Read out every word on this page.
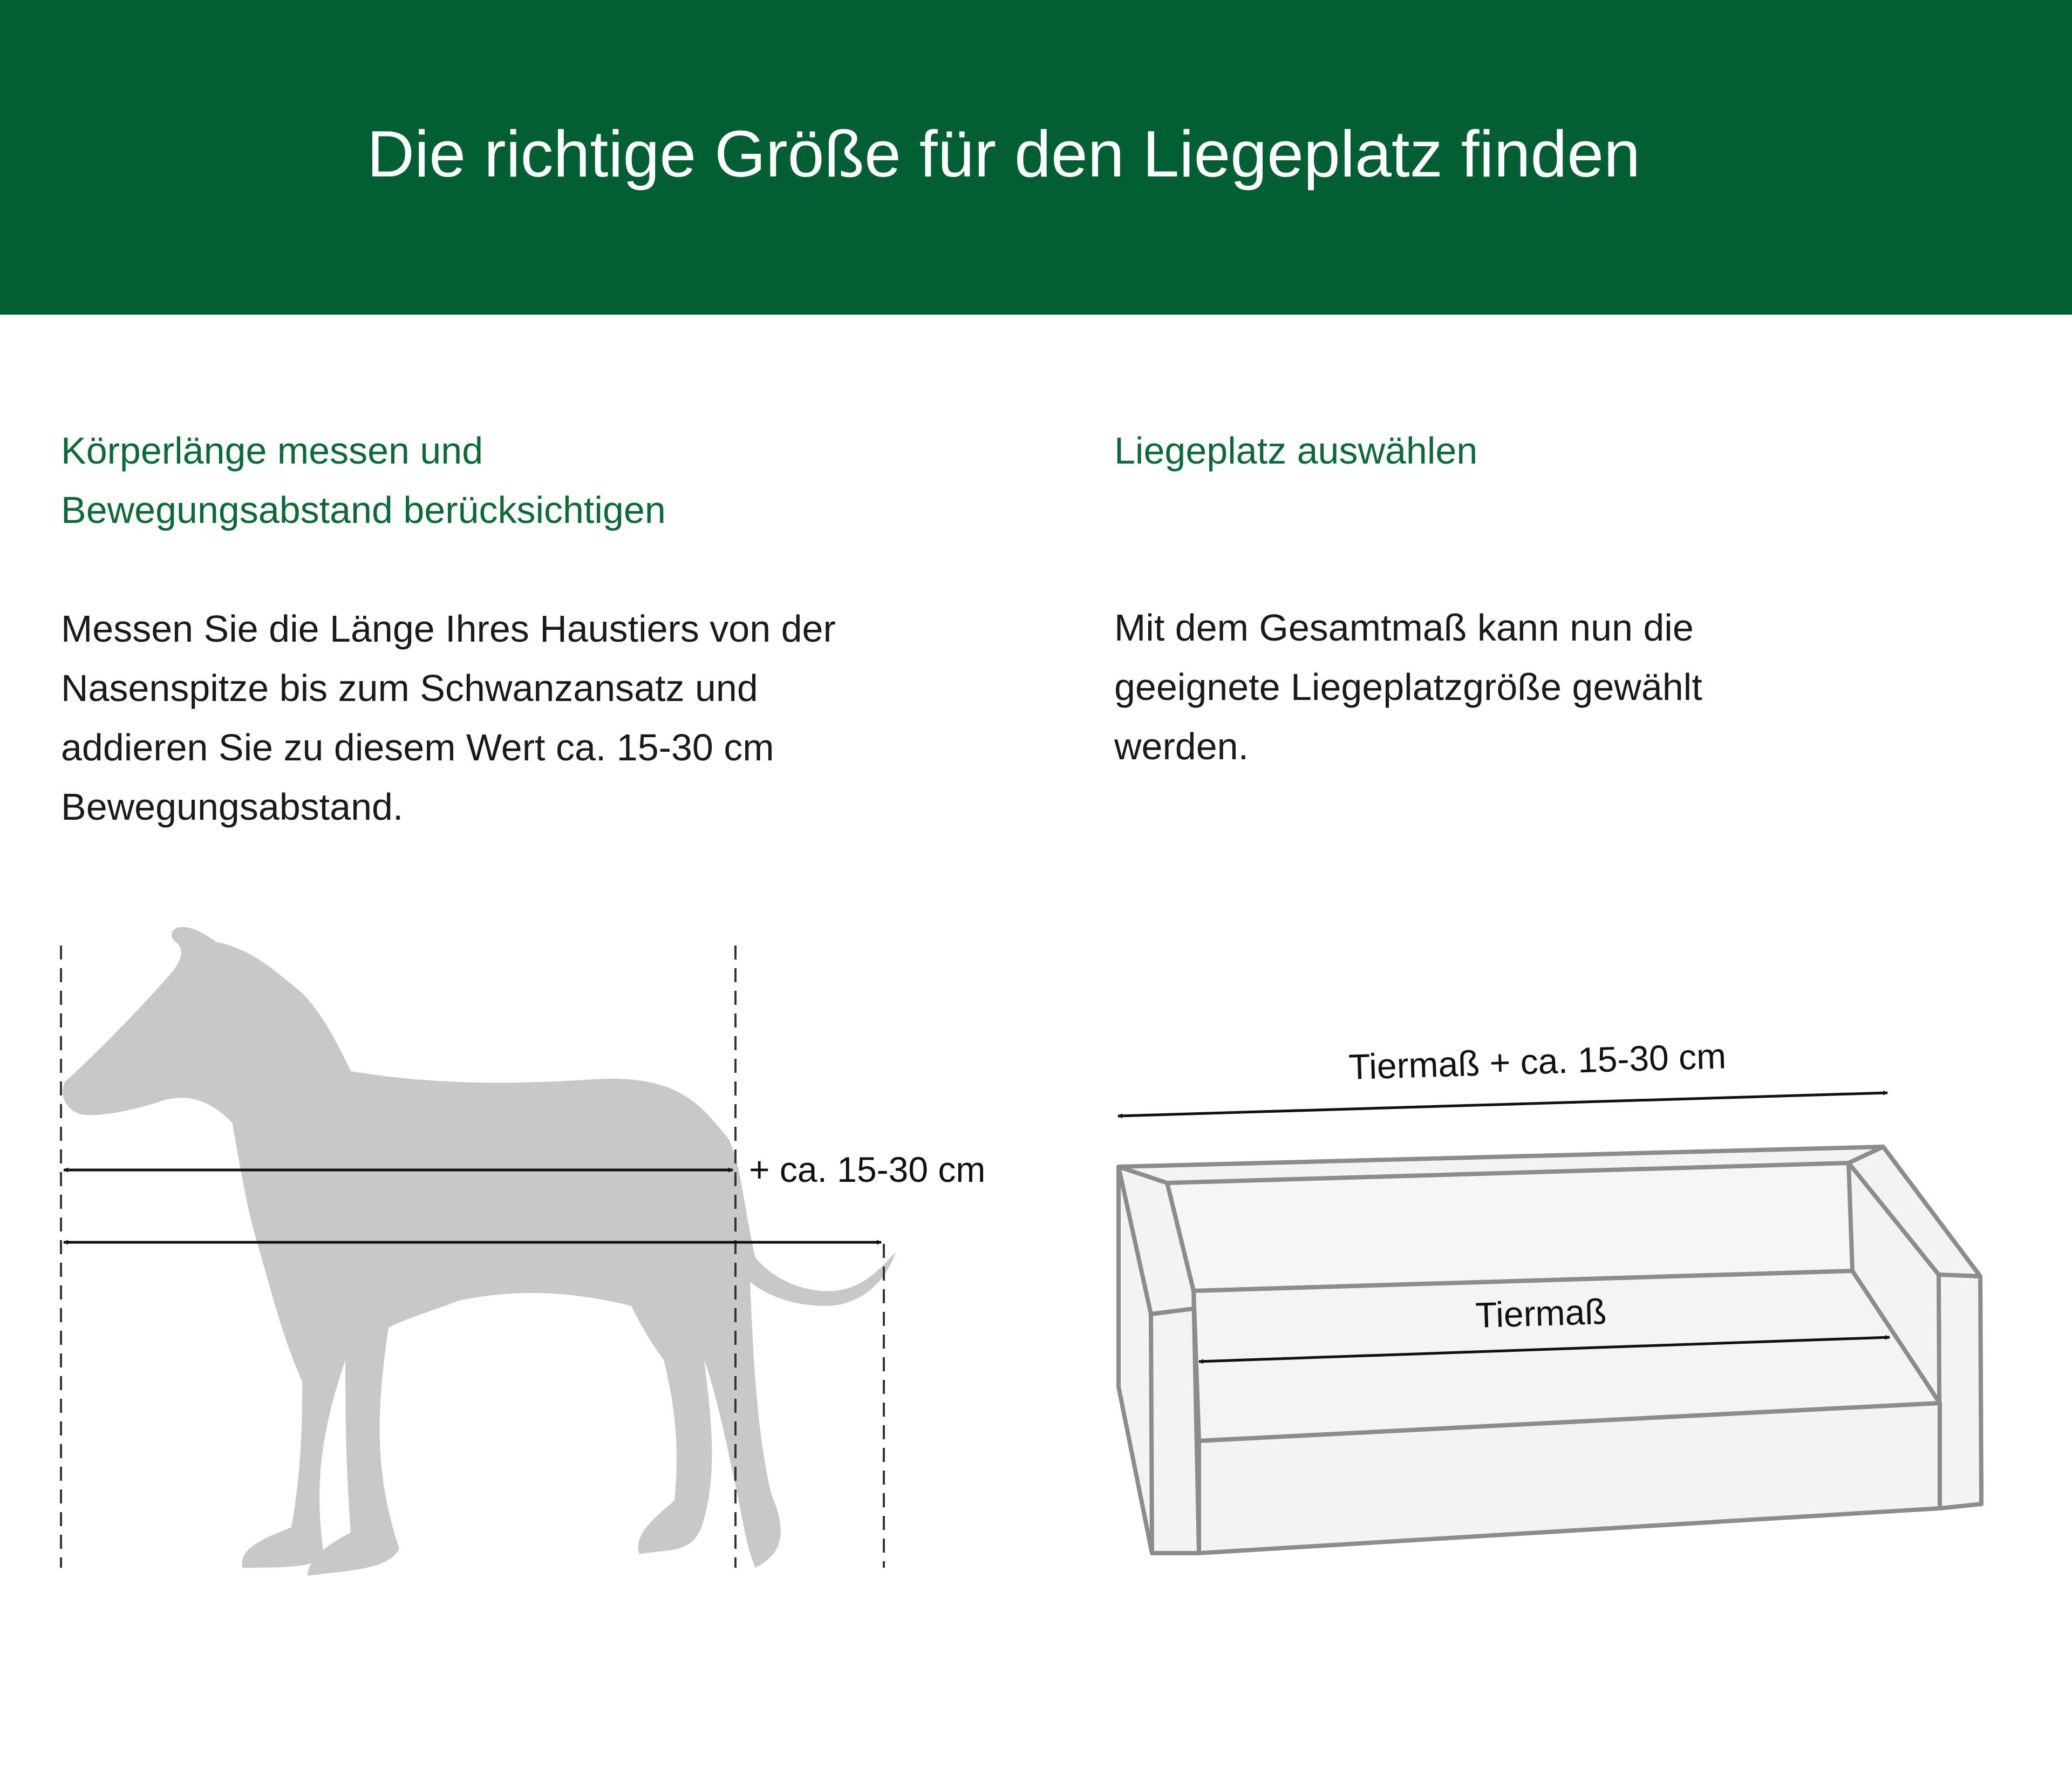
Die richtige Größe für den Liegeplatz finden
Körperlänge messen und
Bewegungsabstand berücksichtigen
Messen Sie die Länge Ihres Haustiers von der
Nasenspitze bis zum Schwanzansatz und
addieren Sie zu diesem Wert ca. 15-30 cm
Bewegungsabstand.
Liegeplatz auswählen
Mit dem Gesamtmaß kann nun die
geeignete Liegeplatzgröße gewählt
werden.
+ ca. 15-30 cm
Tiermaß + ca. 15-30 cm
Tiermaß
